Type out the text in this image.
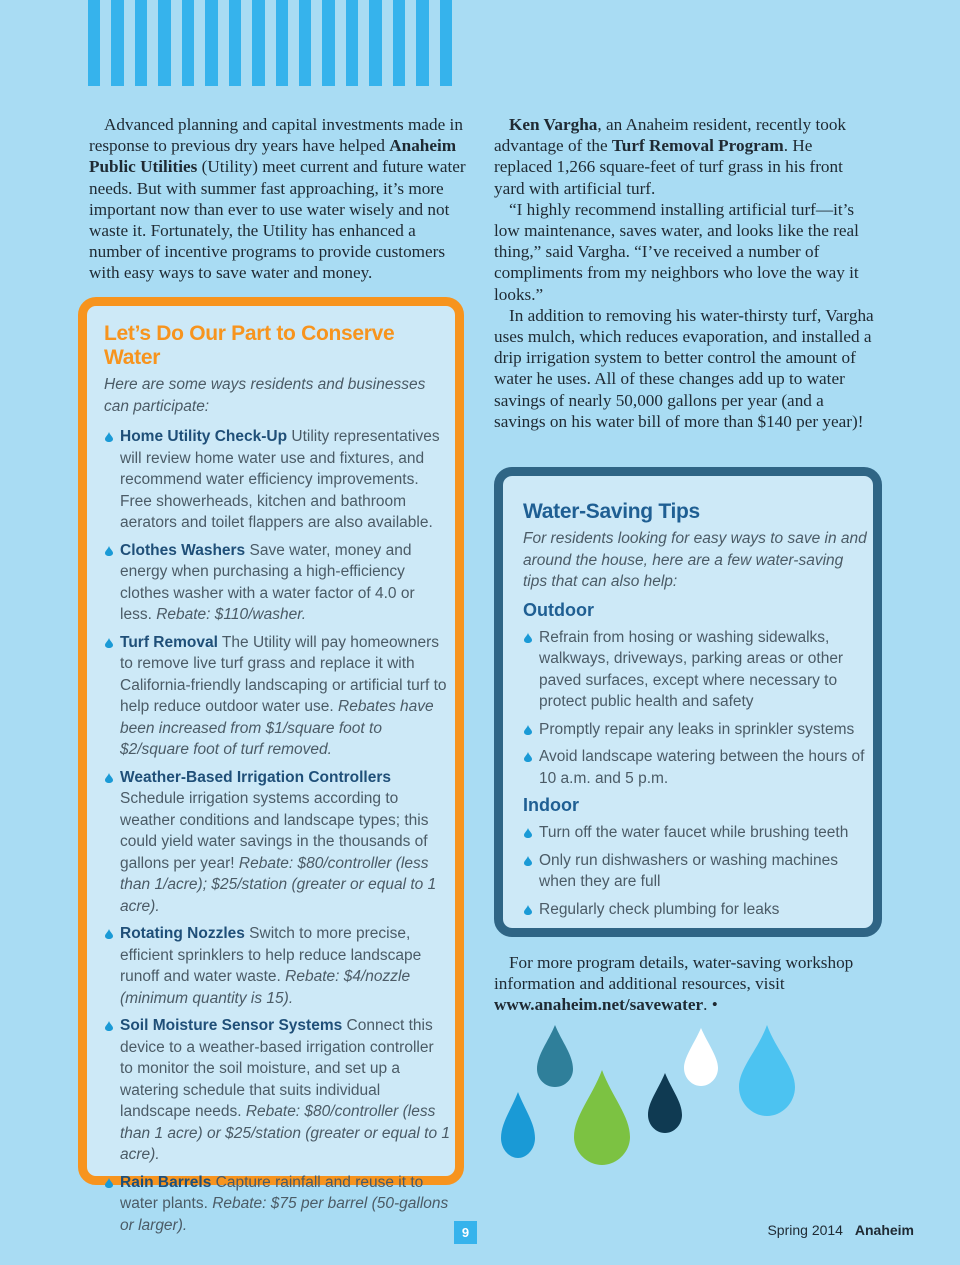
Advanced planning and capital investments made in response to previous dry years have helped Anaheim Public Utilities (Utility) meet current and future water needs. But with summer fast approaching, it’s more important now than ever to use water wisely and not waste it. Fortunately, the Utility has enhanced a number of incentive programs to provide customers with easy ways to save water and money.

Let’s Do Our Part to Conserve Water

Here are some ways residents and businesses can participate:

Home Utility Check-Up Utility representatives will review home water use and fixtures, and recommend water efficiency improvements. Free showerheads, kitchen and bathroom aerators and toilet flappers are also available.

Clothes Washers Save water, money and energy when purchasing a high-efficiency clothes washer with a water factor of 4.0 or less. Rebate: $110/washer.

Turf Removal The Utility will pay homeowners to remove live turf grass and replace it with California-friendly landscaping or artificial turf to help reduce outdoor water use. Rebates have been increased from $1/square foot to $2/square foot of turf removed.

Weather-Based Irrigation Controllers Schedule irrigation systems according to weather conditions and landscape types; this could yield water savings in the thousands of gallons per year! Rebate: $80/controller (less than 1/acre); $25/station (greater or equal to 1 acre).

Rotating Nozzles Switch to more precise, efficient sprinklers to help reduce landscape runoff and water waste. Rebate: $4/nozzle (minimum quantity is 15).

Soil Moisture Sensor Systems Connect this device to a weather-based irrigation controller to monitor the soil moisture, and set up a watering schedule that suits individual landscape needs. Rebate: $80/controller (less than 1 acre) or $25/station (greater or equal to 1 acre).

Rain Barrels Capture rainfall and reuse it to water plants. Rebate: $75 per barrel (50-gallons or larger).

Ken Vargha, an Anaheim resident, recently took advantage of the Turf Removal Program. He replaced 1,266 square-feet of turf grass in his front yard with artificial turf.

“I highly recommend installing artificial turf—it’s low maintenance, saves water, and looks like the real thing,” said Vargha. “I’ve received a number of compliments from my neighbors who love the way it looks.”

In addition to removing his water-thirsty turf, Vargha uses mulch, which reduces evaporation, and installed a drip irrigation system to better control the amount of water he uses. All of these changes add up to water savings of nearly 50,000 gallons per year (and a savings on his water bill of more than $140 per year)!

Water-Saving Tips

For residents looking for easy ways to save in and around the house, here are a few water-saving tips that can also help:

Outdoor

Refrain from hosing or washing sidewalks, walkways, driveways, parking areas or other paved surfaces, except where necessary to protect public health and safety

Promptly repair any leaks in sprinkler systems

Avoid landscape watering between the hours of 10 a.m. and 5 p.m.

Indoor

Turn off the water faucet while brushing teeth

Only run dishwashers or washing machines when they are full

Regularly check plumbing for leaks

For more program details, water-saving workshop information and additional resources, visit www.anaheim.net/savewater. •

9	Spring 2014 Anaheim
